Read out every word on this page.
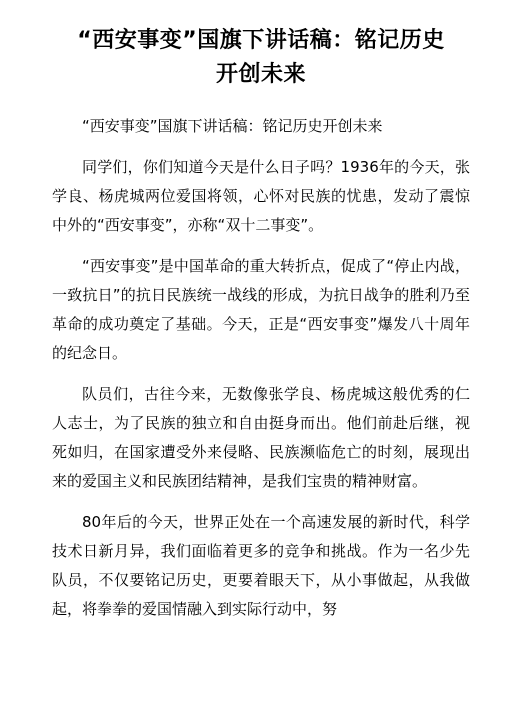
“西安事变”国旗下讲话稿：铭记历史
开创未来

“西安事变”国旗下讲话稿：铭记历史开创未来

同学们，你们知道今天是什么日子吗？1936年的今天，张学良、杨虎城两位爱国将领，心怀对民族的忧患，发动了震惊中外的“西安事变”，亦称“双十二事变”。

“西安事变”是中国革命的重大转折点，促成了“停止内战，一致抗日”的抗日民族统一战线的形成，为抗日战争的胜利乃至革命的成功奠定了基础。今天，正是“西安事变”爆发八十周年的纪念日。

队员们，古往今来，无数像张学良、杨虎城这般优秀的仁人志士，为了民族的独立和自由挺身而出。他们前赴后继，视死如归，在国家遭受外来侵略、民族濒临危亡的时刻，展现出来的爱国主义和民族团结精神，是我们宝贵的精神财富。

80年后的今天，世界正处在一个高速发展的新时代，科学技术日新月异，我们面临着更多的竞争和挑战。作为一名少先队员，不仅要铭记历史，更要着眼天下，从小事做起，从我做起，将拳拳的爱国情融入到实际行动中，努
